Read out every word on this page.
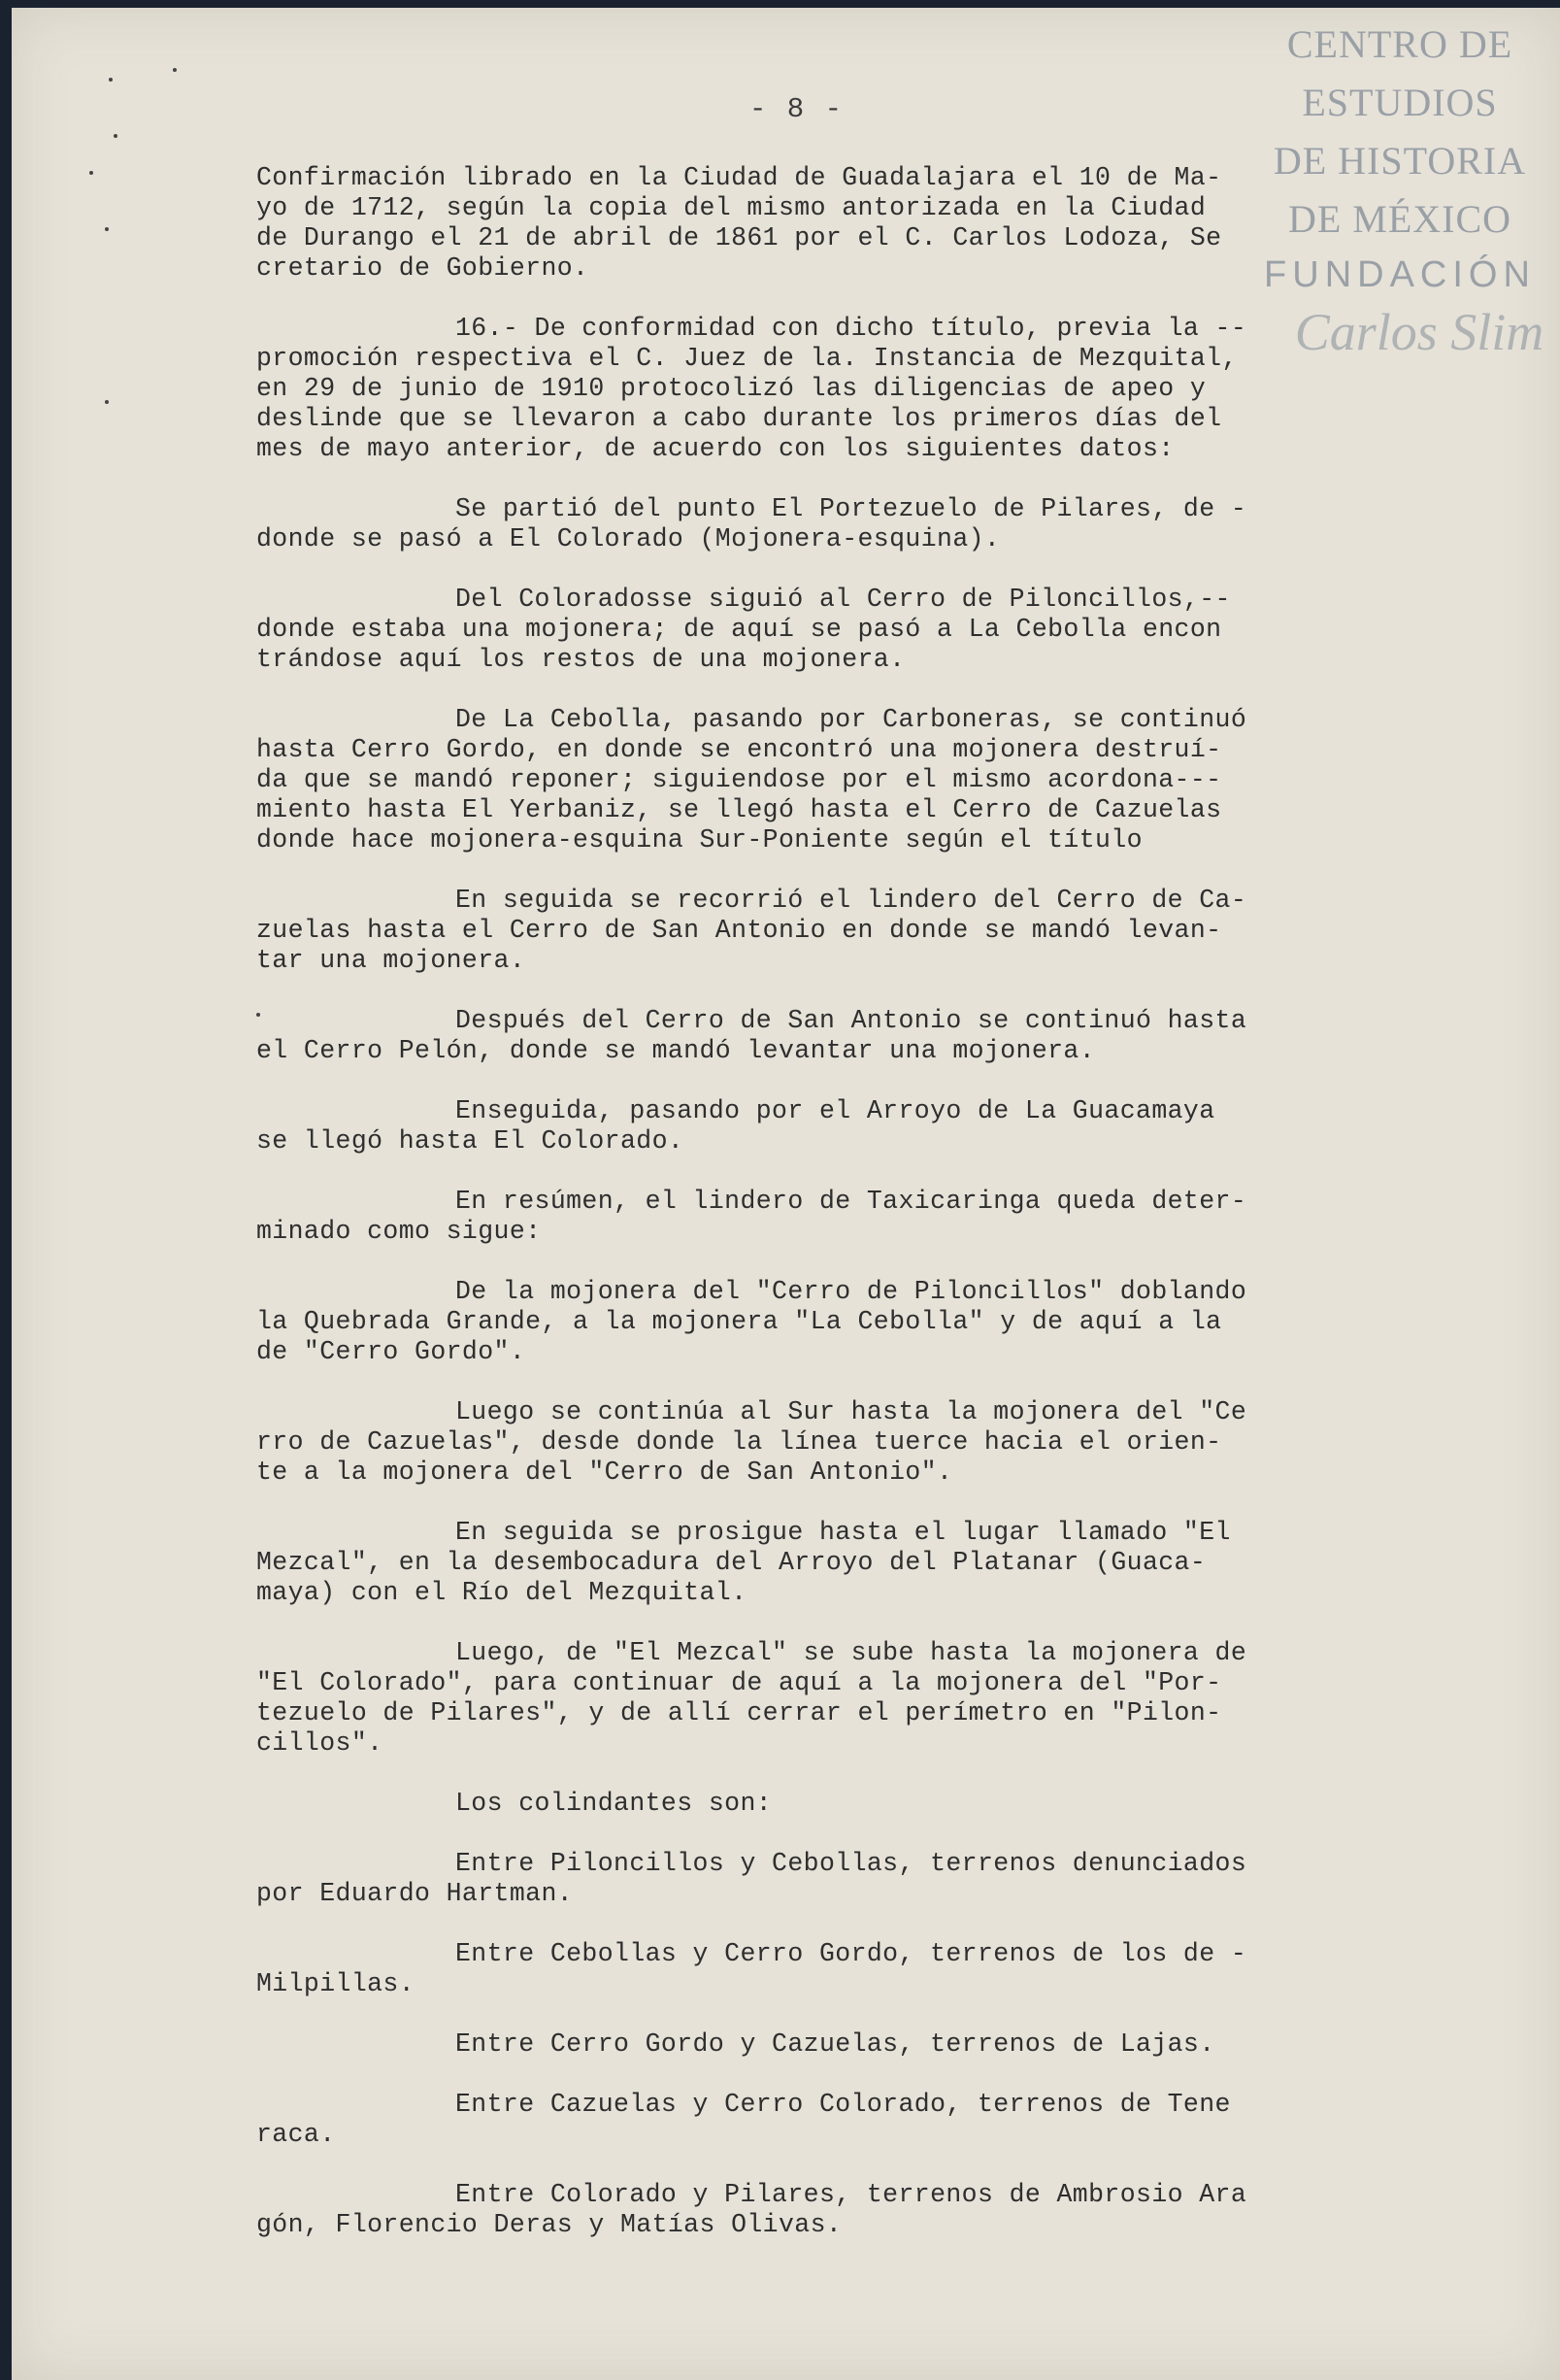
CENTRO DE
ESTUDIOS
DE HISTORIA
DE MÉXICO
FUNDACIÓN
Carlos Slim
- 8 -

Confirmación librado en la Ciudad de Guadalajara el 10 de Ma-
yo de 1712, según la copia del mismo antorizada en la Ciudad
de Durango el 21 de abril de 1861 por el C. Carlos Lodoza, Se
cretario de Gobierno.

16.- De conformidad con dicho título, previa la --
promoción respectiva el C. Juez de la. Instancia de Mezquital,
en 29 de junio de 1910 protocolizó las diligencias de apeo y
deslinde que se llevaron a cabo durante los primeros días del
mes de mayo anterior, de acuerdo con los siguientes datos:

Se partió del punto El Portezuelo de Pilares, de -
donde se pasó a El Colorado (Mojonera-esquina).

Del Coloradosse siguió al Cerro de Piloncillos,--
donde estaba una mojonera; de aquí se pasó a La Cebolla encon
trándose aquí los restos de una mojonera.

De La Cebolla, pasando por Carboneras, se continuó
hasta Cerro Gordo, en donde se encontró una mojonera destruí-
da que se mandó reponer; siguiendose por el mismo acordona---
miento hasta El Yerbaniz, se llegó hasta el Cerro de Cazuelas
donde hace mojonera-esquina Sur-Poniente según el título

En seguida se recorrió el lindero del Cerro de Ca-
zuelas hasta el Cerro de San Antonio en donde se mandó levan-
tar una mojonera.

Después del Cerro de San Antonio se continuó hasta
el Cerro Pelón, donde se mandó levantar una mojonera.

Enseguida, pasando por el Arroyo de La Guacamaya
se llegó hasta El Colorado.

En resúmen, el lindero de Taxicaringa queda deter-
minado como sigue:

De la mojonera del "Cerro de Piloncillos" doblando
la Quebrada Grande, a la mojonera "La Cebolla" y de aquí a la
de "Cerro Gordo".

Luego se continúa al Sur hasta la mojonera del "Ce
rro de Cazuelas", desde donde la línea tuerce hacia el orien-
te a la mojonera del "Cerro de San Antonio".

En seguida se prosigue hasta el lugar llamado "El
Mezcal", en la desembocadura del Arroyo del Platanar (Guaca-
maya) con el Río del Mezquital.

Luego, de "El Mezcal" se sube hasta la mojonera de
"El Colorado", para continuar de aquí a la mojonera del "Por-
tezuelo de Pilares", y de allí cerrar el perímetro en "Pilon-
cillos".

Los colindantes son:

Entre Piloncillos y Cebollas, terrenos denunciados
por Eduardo Hartman.

Entre Cebollas y Cerro Gordo, terrenos de los de -
Milpillas.

Entre Cerro Gordo y Cazuelas, terrenos de Lajas.

Entre Cazuelas y Cerro Colorado, terrenos de Tene
raca.

Entre Colorado y Pilares, terrenos de Ambrosio Ara
gón, Florencio Deras y Matías Olivas.
